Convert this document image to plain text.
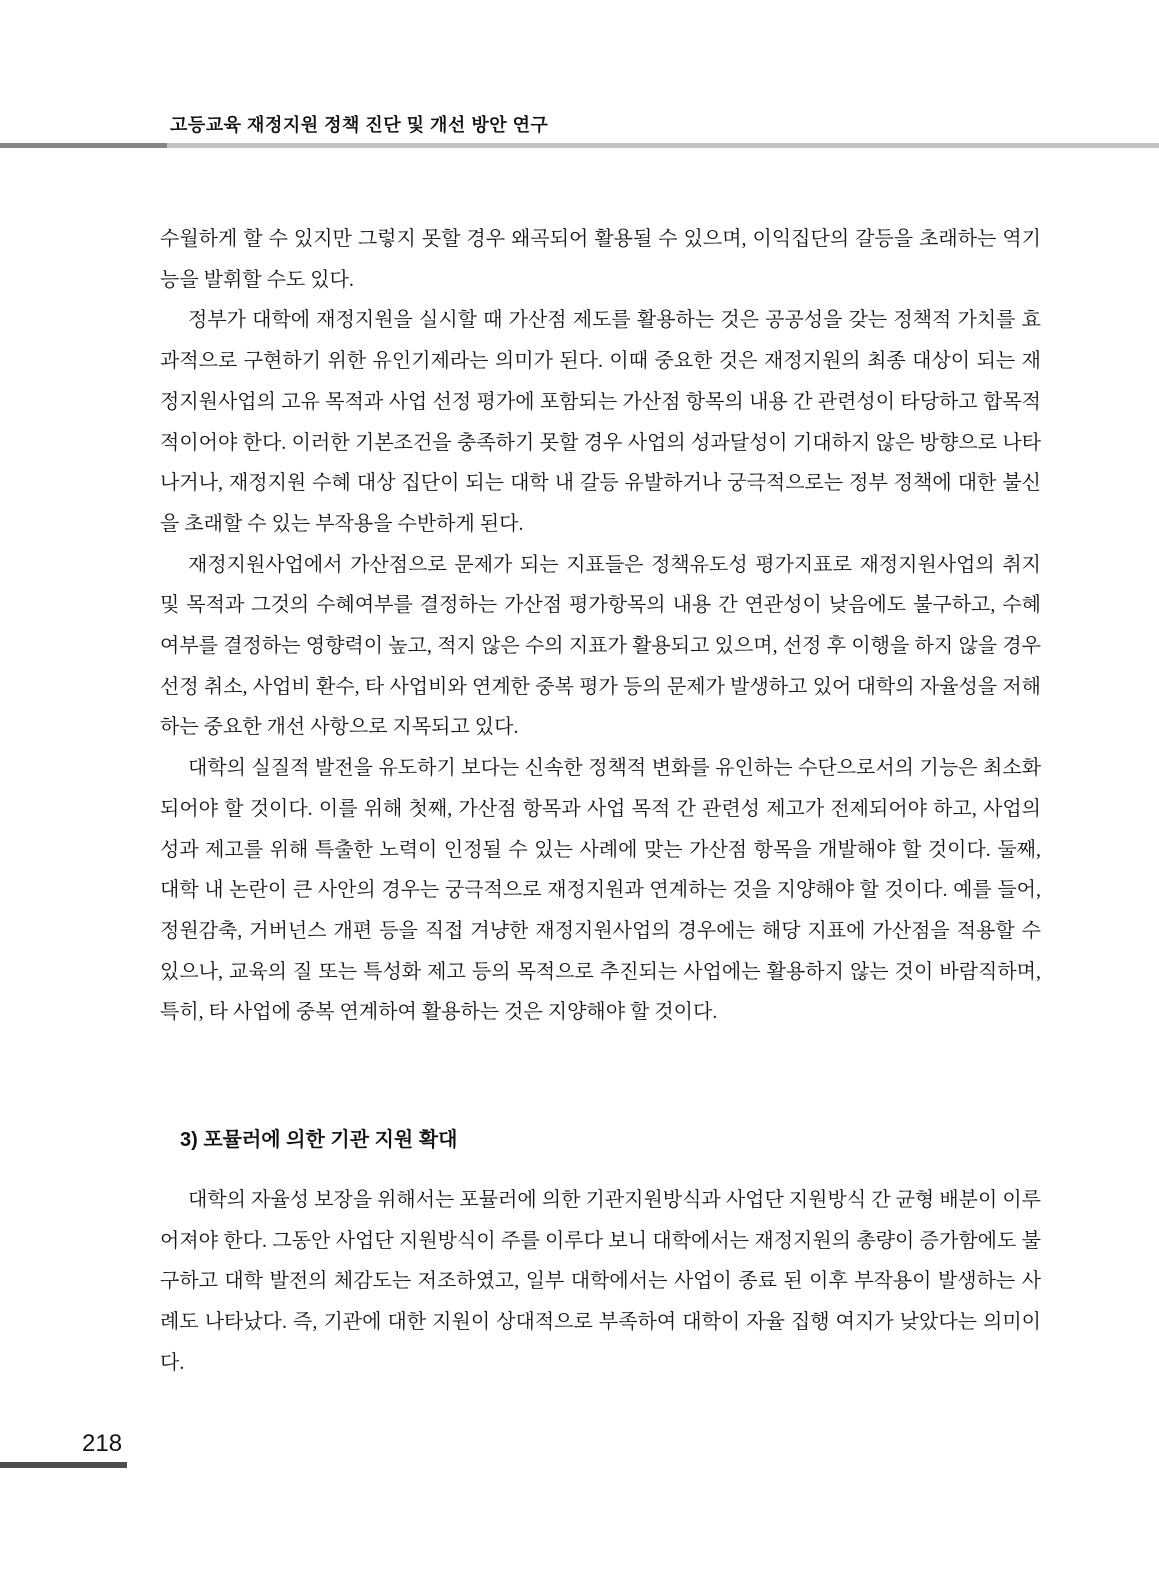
고등교육 재정지원 정책 진단 및 개선 방안 연구

수월하게 할 수 있지만 그렇지 못할 경우 왜곡되어 활용될 수 있으며, 이익집단의 갈등을 초래하는 역기능을 발휘할 수도 있다.

정부가 대학에 재정지원을 실시할 때 가산점 제도를 활용하는 것은 공공성을 갖는 정책적 가치를 효과적으로 구현하기 위한 유인기제라는 의미가 된다. 이때 중요한 것은 재정지원의 최종 대상이 되는 재정지원사업의 고유 목적과 사업 선정 평가에 포함되는 가산점 항목의 내용 간 관련성이 타당하고 합목적적이어야 한다. 이러한 기본조건을 충족하기 못할 경우 사업의 성과달성이 기대하지 않은 방향으로 나타나거나, 재정지원 수혜 대상 집단이 되는 대학 내 갈등 유발하거나 궁극적으로는 정부 정책에 대한 불신을 초래할 수 있는 부작용을 수반하게 된다.

재정지원사업에서 가산점으로 문제가 되는 지표들은 정책유도성 평가지표로 재정지원사업의 취지 및 목적과 그것의 수혜여부를 결정하는 가산점 평가항목의 내용 간 연관성이 낮음에도 불구하고, 수혜 여부를 결정하는 영향력이 높고, 적지 않은 수의 지표가 활용되고 있으며, 선정 후 이행을 하지 않을 경우 선정 취소, 사업비 환수, 타 사업비와 연계한 중복 평가 등의 문제가 발생하고 있어 대학의 자율성을 저해하는 중요한 개선 사항으로 지목되고 있다.

대학의 실질적 발전을 유도하기 보다는 신속한 정책적 변화를 유인하는 수단으로서의 기능은 최소화 되어야 할 것이다. 이를 위해 첫째, 가산점 항목과 사업 목적 간 관련성 제고가 전제되어야 하고, 사업의 성과 제고를 위해 특출한 노력이 인정될 수 있는 사례에 맞는 가산점 항목을 개발해야 할 것이다. 둘째, 대학 내 논란이 큰 사안의 경우는 궁극적으로 재정지원과 연계하는 것을 지양해야 할 것이다. 예를 들어, 정원감축, 거버넌스 개편 등을 직접 겨냥한 재정지원사업의 경우에는 해당 지표에 가산점을 적용할 수 있으나, 교육의 질 또는 특성화 제고 등의 목적으로 추진되는 사업에는 활용하지 않는 것이 바람직하며, 특히, 타 사업에 중복 연계하여 활용하는 것은 지양해야 할 것이다.

3) 포뮬러에 의한 기관 지원 확대

대학의 자율성 보장을 위해서는 포뮬러에 의한 기관지원방식과 사업단 지원방식 간 균형 배분이 이루어져야 한다. 그동안 사업단 지원방식이 주를 이루다 보니 대학에서는 재정지원의 총량이 증가함에도 불구하고 대학 발전의 체감도는 저조하였고, 일부 대학에서는 사업이 종료 된 이후 부작용이 발생하는 사례도 나타났다. 즉, 기관에 대한 지원이 상대적으로 부족하여 대학이 자율 집행 여지가 낮았다는 의미이다.

218
